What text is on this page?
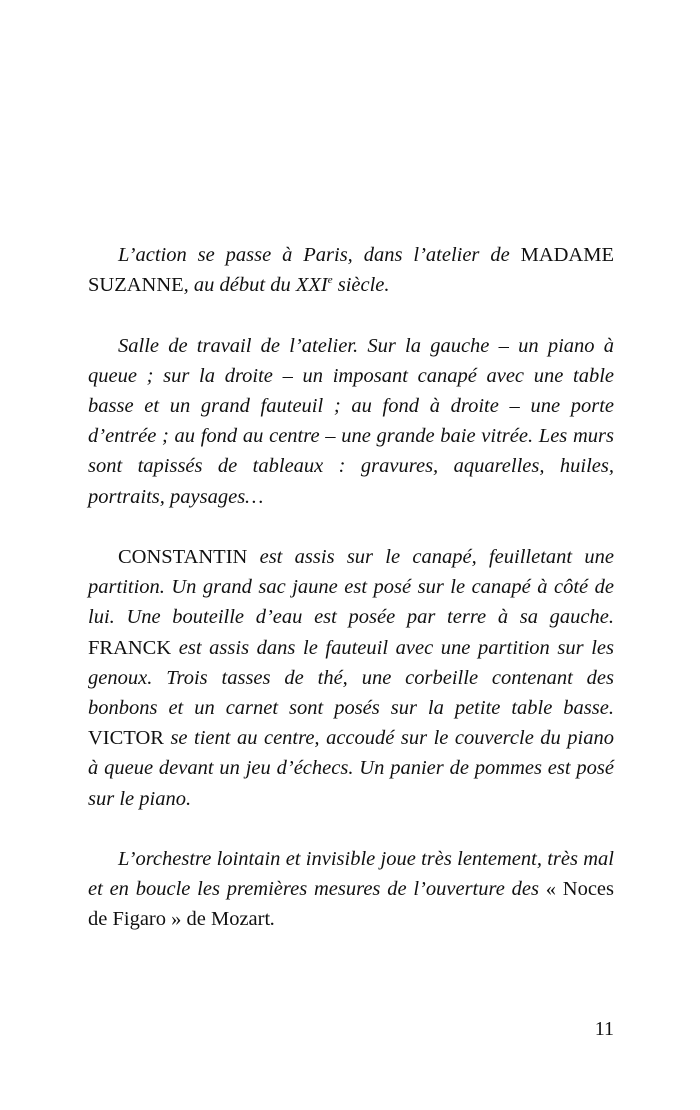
L’action se passe à Paris, dans l’atelier de MADAME SUZANNE, au début du XXIe siècle.

Salle de travail de l’atelier. Sur la gauche – un piano à queue ; sur la droite – un imposant canapé avec une table basse et un grand fauteuil ; au fond à droite – une porte d’entrée ; au fond au centre – une grande baie vitrée. Les murs sont tapissés de tableaux : gravures, aquarelles, huiles, portraits, paysages…

CONSTANTIN est assis sur le canapé, feuilletant une partition. Un grand sac jaune est posé sur le canapé à côté de lui. Une bouteille d’eau est posée par terre à sa gauche. FRANCK est assis dans le fauteuil avec une partition sur les genoux. Trois tasses de thé, une corbeille contenant des bonbons et un carnet sont posés sur la petite table basse. VICTOR se tient au centre, accoudé sur le couvercle du piano à queue devant un jeu d’échecs. Un panier de pommes est posé sur le piano.

L’orchestre lointain et invisible joue très lentement, très mal et en boucle les premières mesures de l’ouverture des « Noces de Figaro » de Mozart.

11
